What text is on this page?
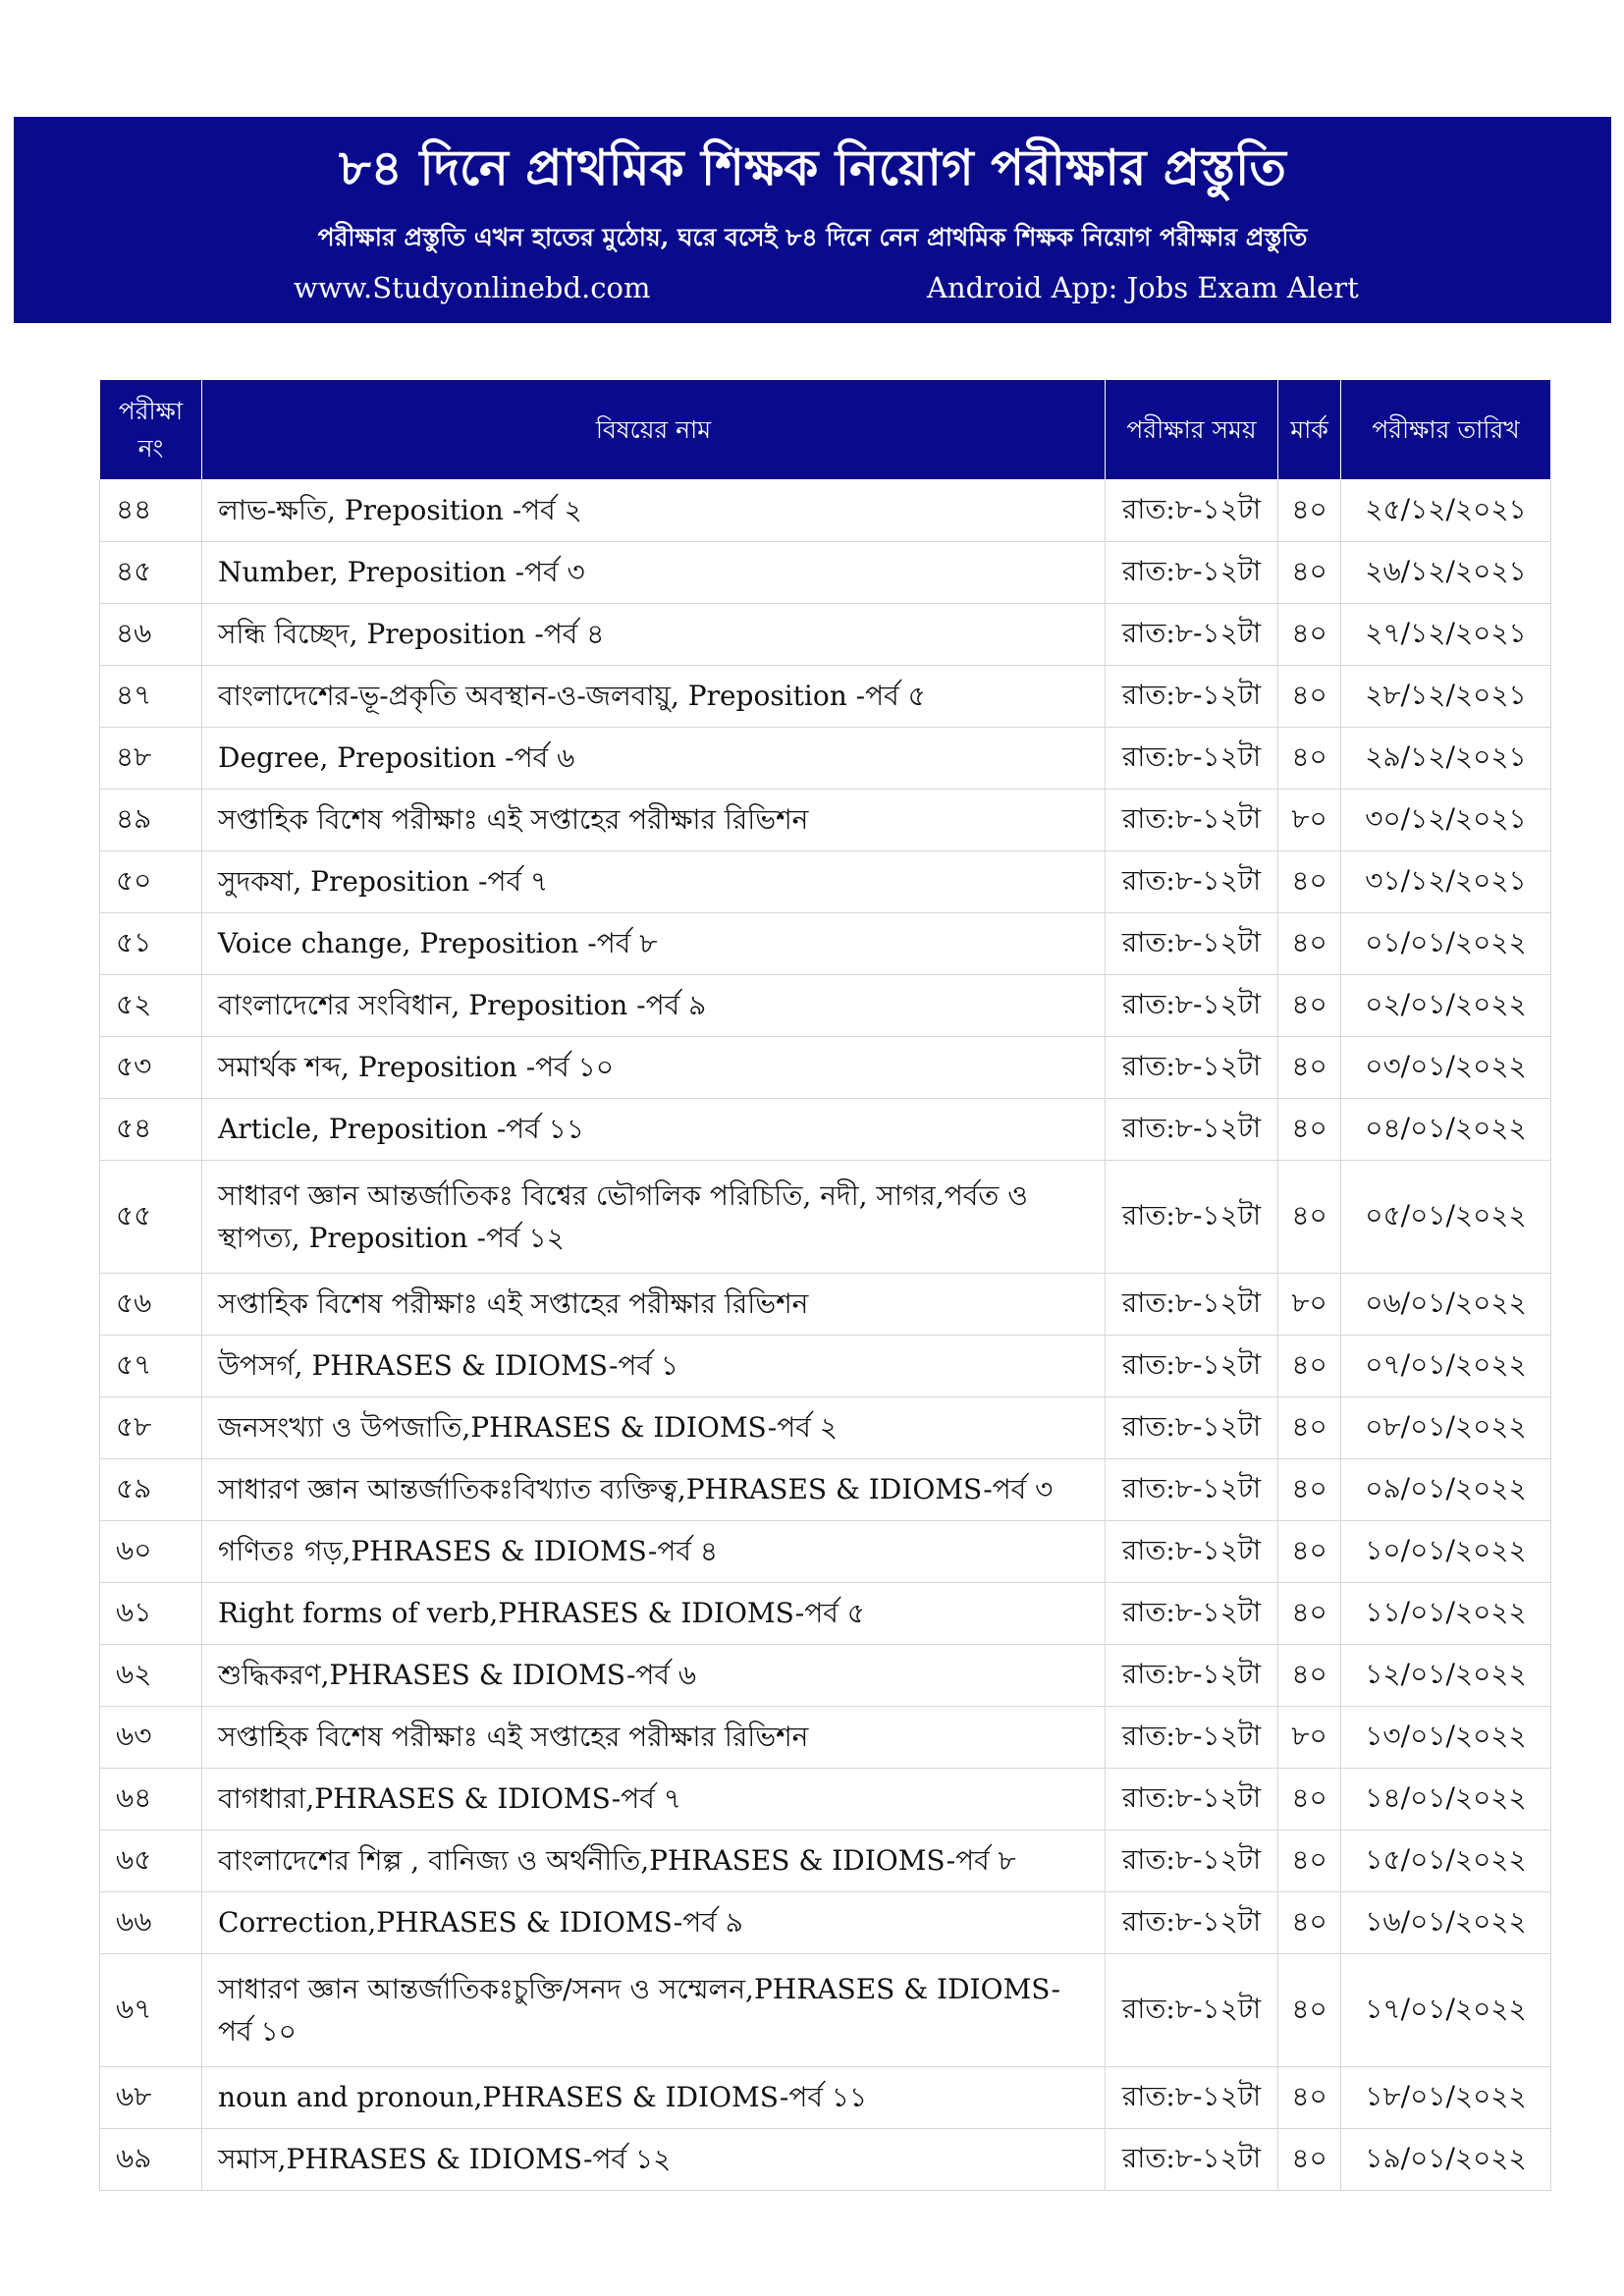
৮৪ দিনে প্রাথমিক শিক্ষক নিয়োগ পরীক্ষার প্রস্তুতি
পরীক্ষার প্রস্তুতি এখন হাতের মুঠোয়, ঘরে বসেই ৮৪ দিনে নেন প্রাথমিক শিক্ষক নিয়োগ পরীক্ষার প্রস্তুতি
www.Studyonlinebd.com	Android App: Jobs Exam Alert
পরীক্ষা
নং	বিষয়ের নাম	পরীক্ষার সময়	মার্ক	পরীক্ষার তারিখ
৪৪	লাভ-ক্ষতি, Preposition -পর্ব ২	রাত:৮-১২টা	৪০	২৫/১২/২০২১
৪৫	Number, Preposition -পর্ব ৩	রাত:৮-১২টা	৪০	২৬/১২/২০২১
৪৬	সন্ধি বিচ্ছেদ, Preposition -পর্ব ৪	রাত:৮-১২টা	৪০	২৭/১২/২০২১
৪৭	বাংলাদেশের-ভূ-প্রকৃতি অবস্থান-ও-জলবায়ু, Preposition -পর্ব ৫	রাত:৮-১২টা	৪০	২৮/১২/২০২১
৪৮	Degree, Preposition -পর্ব ৬	রাত:৮-১২টা	৪০	২৯/১২/২০২১
৪৯	সপ্তাহিক বিশেষ পরীক্ষাঃ এই সপ্তাহের পরীক্ষার রিভিশন	রাত:৮-১২টা	৮০	৩০/১২/২০২১
৫০	সুদকষা, Preposition -পর্ব ৭	রাত:৮-১২টা	৪০	৩১/১২/২০২১
৫১	Voice change, Preposition -পর্ব ৮	রাত:৮-১২টা	৪০	০১/০১/২০২২
৫২	বাংলাদেশের সংবিধান, Preposition -পর্ব ৯	রাত:৮-১২টা	৪০	০২/০১/২০২২
৫৩	সমার্থক শব্দ, Preposition -পর্ব ১০	রাত:৮-১২টা	৪০	০৩/০১/২০২২
৫৪	Article, Preposition -পর্ব ১১	রাত:৮-১২টা	৪০	০৪/০১/২০২২
৫৫	সাধারণ জ্ঞান আন্তর্জাতিকঃ বিশ্বের ভৌগলিক পরিচিতি, নদী, সাগর,পর্বত ও স্থাপত্য, Preposition -পর্ব ১২	রাত:৮-১২টা	৪০	০৫/০১/২০২২
৫৬	সপ্তাহিক বিশেষ পরীক্ষাঃ এই সপ্তাহের পরীক্ষার রিভিশন	রাত:৮-১২টা	৮০	০৬/০১/২০২২
৫৭	উপসর্গ, PHRASES & IDIOMS-পর্ব ১	রাত:৮-১২টা	৪০	০৭/০১/২০২২
৫৮	জনসংখ্যা ও উপজাতি,PHRASES & IDIOMS-পর্ব ২	রাত:৮-১২টা	৪০	০৮/০১/২০২২
৫৯	সাধারণ জ্ঞান আন্তর্জাতিকঃবিখ্যাত ব্যক্তিত্ব,PHRASES & IDIOMS-পর্ব ৩	রাত:৮-১২টা	৪০	০৯/০১/২০২২
৬০	গণিতঃ গড়,PHRASES & IDIOMS-পর্ব ৪	রাত:৮-১২টা	৪০	১০/০১/২০২২
৬১	Right forms of verb,PHRASES & IDIOMS-পর্ব ৫	রাত:৮-১২টা	৪০	১১/০১/২০২২
৬২	শুদ্ধিকরণ,PHRASES & IDIOMS-পর্ব ৬	রাত:৮-১২টা	৪০	১২/০১/২০২২
৬৩	সপ্তাহিক বিশেষ পরীক্ষাঃ এই সপ্তাহের পরীক্ষার রিভিশন	রাত:৮-১২টা	৮০	১৩/০১/২০২২
৬৪	বাগধারা,PHRASES & IDIOMS-পর্ব ৭	রাত:৮-১২টা	৪০	১৪/০১/২০২২
৬৫	বাংলাদেশের শিল্প , বানিজ্য ও অর্থনীতি,PHRASES & IDIOMS-পর্ব ৮	রাত:৮-১২টা	৪০	১৫/০১/২০২২
৬৬	Correction,PHRASES & IDIOMS-পর্ব ৯	রাত:৮-১২টা	৪০	১৬/০১/২০২২
৬৭	সাধারণ জ্ঞান আন্তর্জাতিকঃচুক্তি/সনদ ও সম্মেলন,PHRASES & IDIOMS-পর্ব ১০	রাত:৮-১২টা	৪০	১৭/০১/২০২২
৬৮	noun and pronoun,PHRASES & IDIOMS-পর্ব ১১	রাত:৮-১২টা	৪০	১৮/০১/২০২২
৬৯	সমাস,PHRASES & IDIOMS-পর্ব ১২	রাত:৮-১২টা	৪০	১৯/০১/২০২২
